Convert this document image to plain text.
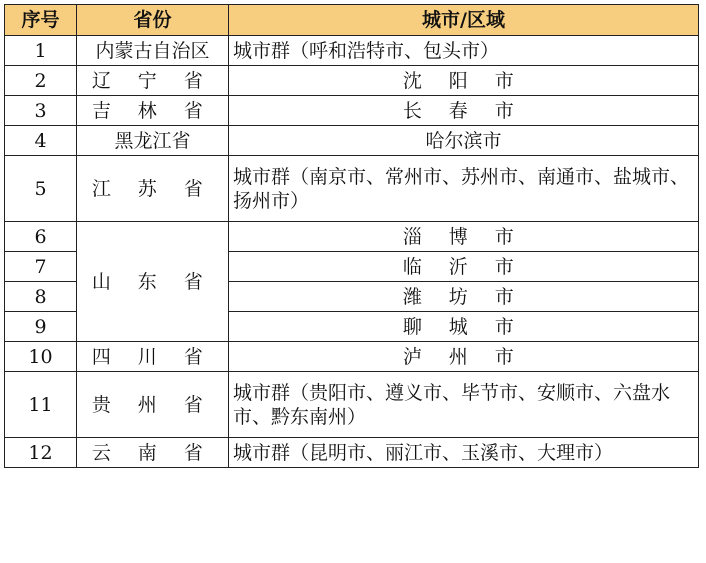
序号	省份	城市/区域
1	内蒙古自治区	城市群（呼和浩特市、包头市）
2	辽 宁 省	沈 阳 市
3	吉 林 省	长 春 市
4	黑龙江省	哈尔滨市
5	江 苏 省	城市群（南京市、常州市、苏州市、南通市、盐城市、扬州市）
6	山 东 省	淄 博 市
7		临 沂 市
8		潍 坊 市
9		聊 城 市
10	四 川 省	泸 州 市
11	贵 州 省	城市群（贵阳市、遵义市、毕节市、安顺市、六盘水市、黔东南州）
12	云 南 省	城市群（昆明市、丽江市、玉溪市、大理市）
